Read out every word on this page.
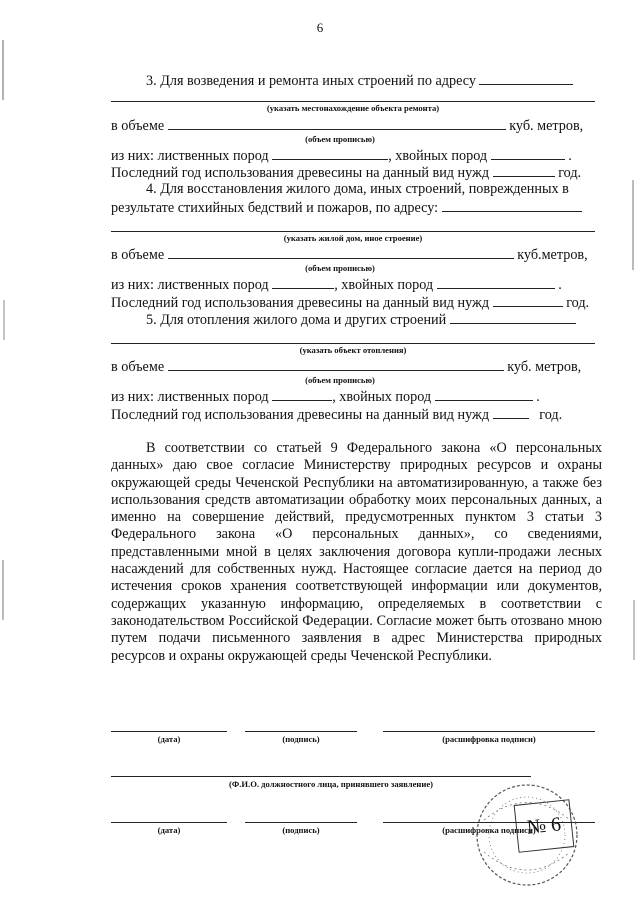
6
3. Для возведения и ремонта иных строений по адресу
(указать местонахождение объекта ремонта)
в объеме	куб. метров,
(объем прописью)
из них: лиственных пород	, хвойных пород	.
Последний год использования древесины на данный вид нужд	год.
4. Для восстановления жилого дома, иных строений, поврежденных в
результате стихийных бедствий и пожаров, по адресу:
(указать жилой дом, иное строение)
в объеме	куб.метров,
(объем прописью)
из них: лиственных пород	, хвойных пород	.
Последний год использования древесины на данный вид нужд	год.
5. Для отопления жилого дома и других строений
(указать объект отопления)
в объеме	куб. метров,
(объем прописью)
из них: лиственных пород	, хвойных пород	.
Последний год использования древесины на данный вид нужд	год.
В соответствии со статьей 9 Федерального закона «О персональных данных» даю свое согласие Министерству природных ресурсов и охраны окружающей среды Чеченской Республики на автоматизированную, а также без использования средств автоматизации обработку моих персональных данных, а именно на совершение действий, предусмотренных пунктом 3 статьи 3 Федерального закона «О персональных данных», со сведениями, представленными мной в целях заключения договора купли-продажи лесных насаждений для собственных нужд. Настоящее согласие дается на период до истечения сроков хранения соответствующей информации или документов, содержащих указанную информацию, определяемых в соответствии с законодательством Российской Федерации. Согласие может быть отозвано мною путем подачи письменного заявления в адрес Министерства природных ресурсов и охраны окружающей среды Чеченской Республики.
(дата)	(подпись)	(расшифровка подписи)
(Ф.И.О. должностного лица, принявшего заявление)
(дата)	(подпись)	(расшифровка подписи)
№ 6
